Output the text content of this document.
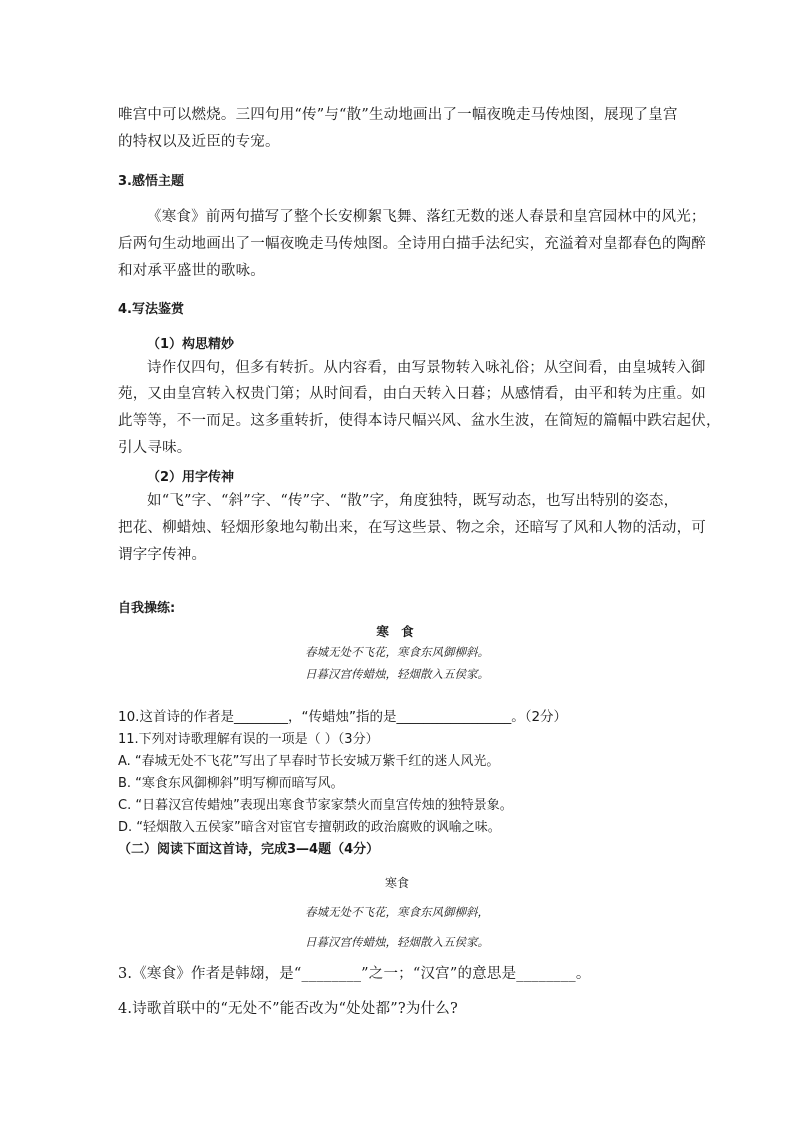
唯宫中可以燃烧。三四句用“传”与“散”生动地画出了一幅夜晚走马传烛图，展现了皇宫
的特权以及近臣的专宠。
3.感悟主题
《寒食》前两句描写了整个长安柳絮飞舞、落红无数的迷人春景和皇宫园林中的风光；
后两句生动地画出了一幅夜晚走马传烛图。全诗用白描手法纪实，充溢着对皇都春色的陶醉
和对承平盛世的歌咏。
4.写法鉴赏
（1）构思精妙
诗作仅四句，但多有转折。从内容看，由写景物转入咏礼俗；从空间看，由皇城转入御
苑，又由皇宫转入权贵门第；从时间看，由白天转入日暮；从感情看，由平和转为庄重。如
此等等，不一而足。这多重转折，使得本诗尺幅兴风、盆水生波，在简短的篇幅中跌宕起伏，
引人寻味。
（2）用字传神
如“飞”字、“斜”字、“传”字、“散”字，角度独特，既写动态，也写出特别的姿态，
把花、柳蜡烛、轻烟形象地勾勒出来，在写这些景、物之余，还暗写了风和人物的活动，可
谓字字传神。
自我操练:
寒 食
春城无处不飞花，寒食东风御柳斜。
日暮汉宫传蜡烛，轻烟散入五侯家。
10.这首诗的作者是________，“传蜡烛”指的是_________________。（2分）
11.下列对诗歌理解有误的一项是（ ）（3分）
A. “春城无处不飞花”写出了早春时节长安城万紫千红的迷人风光。
B. “寒食东风御柳斜”明写柳而暗写风。
C. “日暮汉宫传蜡烛”表现出寒食节家家禁火而皇宫传烛的独特景象。
D. “轻烟散入五侯家”暗含对宦官专擅朝政的政治腐败的讽喻之味。
（二）阅读下面这首诗，完成3—4题（4分）
寒食
春城无处不飞花，寒食东风御柳斜，
日暮汉宫传蜡烛，轻烟散入五侯家。
3.《寒食》作者是韩翃，是“________”之一；“汉宫”的意思是________。
4.诗歌首联中的“无处不”能否改为“处处都”?为什么?
